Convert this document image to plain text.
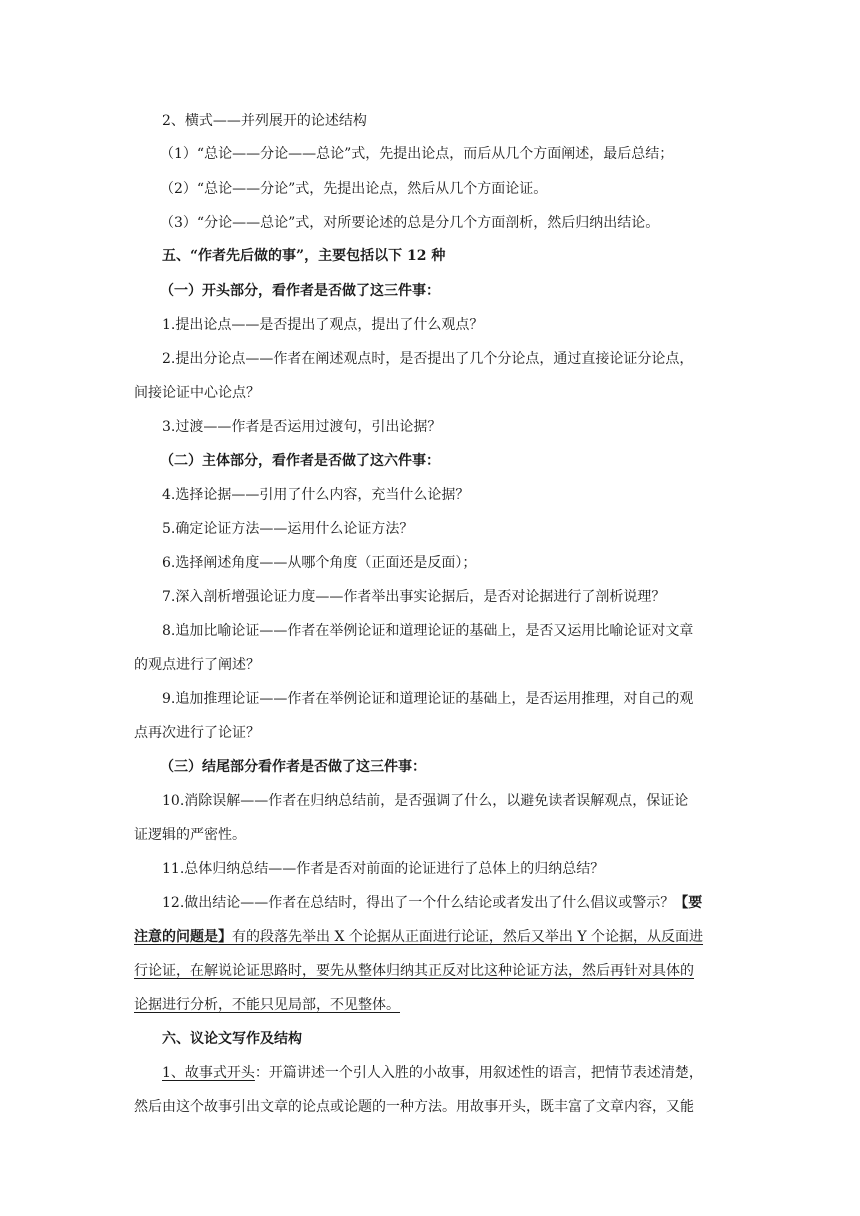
2、横式——并列展开的论述结构
（1）“总论——分论——总论”式，先提出论点，而后从几个方面阐述，最后总结；
（2）“总论——分论”式，先提出论点，然后从几个方面论证。
（3）“分论——总论”式，对所要论述的总是分几个方面剖析，然后归纳出结论。
五、“作者先后做的事”，主要包括以下 12 种
（一）开头部分，看作者是否做了这三件事：
1.提出论点——是否提出了观点，提出了什么观点？
2.提出分论点——作者在阐述观点时，是否提出了几个分论点，通过直接论证分论点，
间接论证中心论点？
3.过渡——作者是否运用过渡句，引出论据？
（二）主体部分，看作者是否做了这六件事：
4.选择论据——引用了什么内容，充当什么论据？
5.确定论证方法——运用什么论证方法？
6.选择阐述角度——从哪个角度（正面还是反面）；
7.深入剖析增强论证力度——作者举出事实论据后，是否对论据进行了剖析说理？
8.追加比喻论证——作者在举例论证和道理论证的基础上，是否又运用比喻论证对文章
的观点进行了阐述？
9.追加推理论证——作者在举例论证和道理论证的基础上，是否运用推理，对自己的观
点再次进行了论证？
（三）结尾部分看作者是否做了这三件事：
10.消除误解——作者在归纳总结前，是否强调了什么，以避免读者误解观点，保证论
证逻辑的严密性。
11.总体归纳总结——作者是否对前面的论证进行了总体上的归纳总结？
12.做出结论——作者在总结时，得出了一个什么结论或者发出了什么倡议或警示？【要
注意的问题是】有的段落先举出 X 个论据从正面进行论证，然后又举出 Y 个论据，从反面进
行论证，在解说论证思路时，要先从整体归纳其正反对比这种论证方法，然后再针对具体的
论据进行分析，不能只见局部，不见整体。
六、议论文写作及结构
1、故事式开头：开篇讲述一个引人入胜的小故事，用叙述性的语言，把情节表述清楚，
然后由这个故事引出文章的论点或论题的一种方法。用故事开头，既丰富了文章内容，又能
